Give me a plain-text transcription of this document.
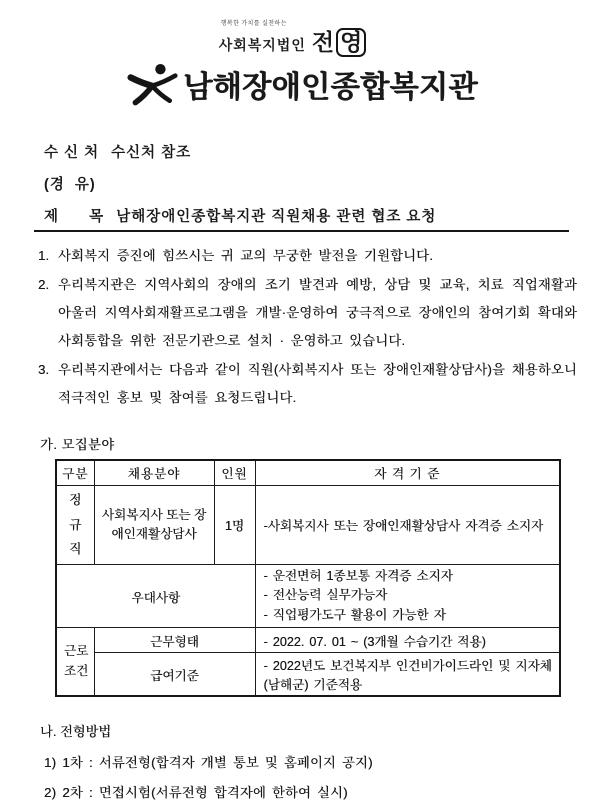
행복한 가치를 실천하는
사회복지법인 전 영
남해장애인종합복지관
수 신 처 수신처 참조
(경  유)
제      목 남해장애인종합복지관 직원채용 관련 협조 요청
1. 사회복지 증진에 힘쓰시는 귀 교의 무궁한 발전을 기원합니다.
2. 우리복지관은 지역사회의 장애의 조기 발견과 예방, 상담 및 교육, 치료 직업재활과 아울러 지역사회재활프로그램을 개발·운영하여 궁극적으로 장애인의 참여기회 확대와 사회통합을 위한 전문기관으로 설치 · 운영하고 있습니다.
3. 우리복지관에서는 다음과 같이 직원(사회복지사 또는 장애인재활상담사)을 채용하오니 적극적인 홍보 및 참여를 요청드립니다.
가. 모집분야
구분	채용분야	인원	자 격 기 준

정규직	사회복지사 또는 장애인재활상담사	1명	-사회복지사 또는 장애인재활상담사 자격증 소지자
우대사항			- 운전면허 1종보통 자격증 소지자
- 전산능력 실무가능자
- 직업평가도구 활용이 가능한 자

근로조건	근무형태		- 2022. 07. 01 ~ (3개월 수습기간 적용)
	급여기준		- 2022년도 보건복지부 인건비가이드라인 및 지자체(남해군) 기준적용
나. 전형방법
1) 1차 : 서류전형(합격자 개별 통보 및 홈페이지 공지)
2) 2차 : 면접시험(서류전형 합격자에 한하여 실시)
